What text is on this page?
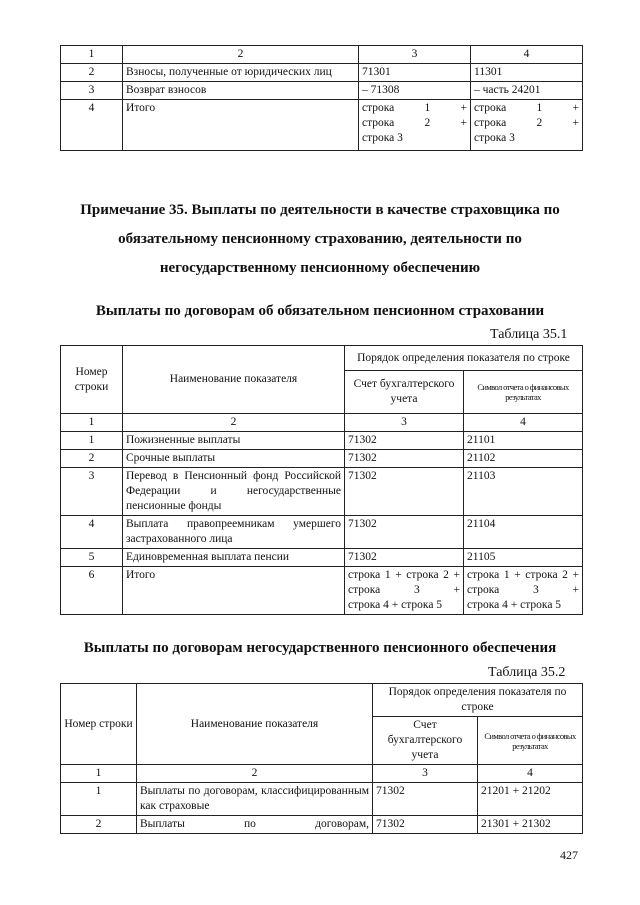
1	2	3	4
2	Взносы, полученные от юридических лиц	71301	11301
3	Возврат взносов	– 71308	– часть 24201
4	Итого	строка 1 +
строка 2 +
строка 3	строка 1 +
строка 2 +
строка 3
Примечание 35. Выплаты по деятельности в качестве страховщика по
обязательному пенсионному страхованию, деятельности по
негосударственному пенсионному обеспечению
Выплаты по договорам об обязательном пенсионном страховании
Таблица 35.1
Номер строки	Наименование показателя	Порядок определения показателя по строке	
		Счет бухгалтерского учета	Символ отчета о финансовых результатах
1	2	3	4
1	Пожизненные выплаты	71302	21101
2	Срочные выплаты	71302	21102
3	Перевод в Пенсионный фонд Российской Федерации и негосударственные пенсионные фонды	71302	21103
4	Выплата правопреемникам умершего застрахованного лица	71302	21104
5	Единовременная выплата пенсии	71302	21105
6	Итого	строка 1 + строка 2 +
строка 3 +
строка 4 + строка 5	строка 1 + строка 2 +
строка 3 +
строка 4 + строка 5
Выплаты по договорам негосударственного пенсионного обеспечения
Таблица 35.2
Номер строки	Наименование показателя	Порядок определения показателя по строке	
		Счет бухгалтерского учета	Символ отчета о финансовых результатах
1	2	3	4
1	Выплаты по договорам, классифицированным как страховые	71302	21201 + 21202
2	Выплаты по договорам,	71302	21301 + 21302
427
